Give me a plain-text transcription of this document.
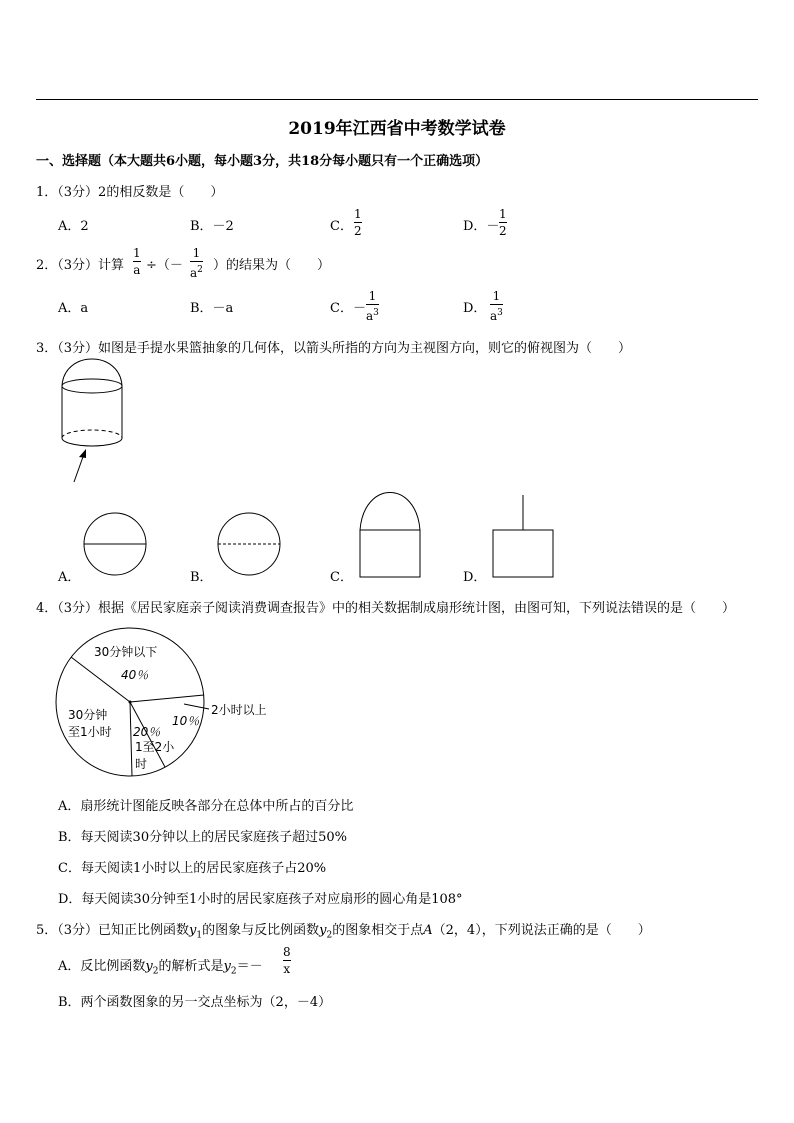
2019年江西省中考数学试卷
一、选择题（本大题共6小题，每小题3分，共18分每小题只有一个正确选项）
1．（3分）2的相反数是（　　）
A．2	B．－2	C．
1
2	D．－
1
2
2．（3分）计算
1
a ÷（－
1
$a^2$ ）的结果为（　　）
A．a	B．－a	C．－
1
$a^3$	D．
1
$a^3$
3．（3分）如图是手提水果篮抽象的几何体，以箭头所指的方向为主视图方向，则它的俯视图为（　　）
A．	B．	C．	D．
4．（3分）根据《居民家庭亲子阅读消费调查报告》中的相关数据制成扇形统计图，由图可知，下列说法错误的是（　　）
30分钟以下
40％
2小时以上
10％
30分钟
至1小时 20％
1至2小
时
A．扇形统计图能反映各部分在总体中所占的百分比
B．每天阅读30分钟以上的居民家庭孩子超过50%
C．每天阅读1小时以上的居民家庭孩子占20%
D．每天阅读30分钟至1小时的居民家庭孩子对应扇形的圆心角是108°
5．（3分）已知正比例函数$y_1$的图象与反比例函数$y_2$的图象相交于点A（2，4），下列说法正确的是（　　）
A．反比例函数$y_2$的解析式是$y_2=-$
8
x
B．两个函数图象的另一交点坐标为（2，－4）
